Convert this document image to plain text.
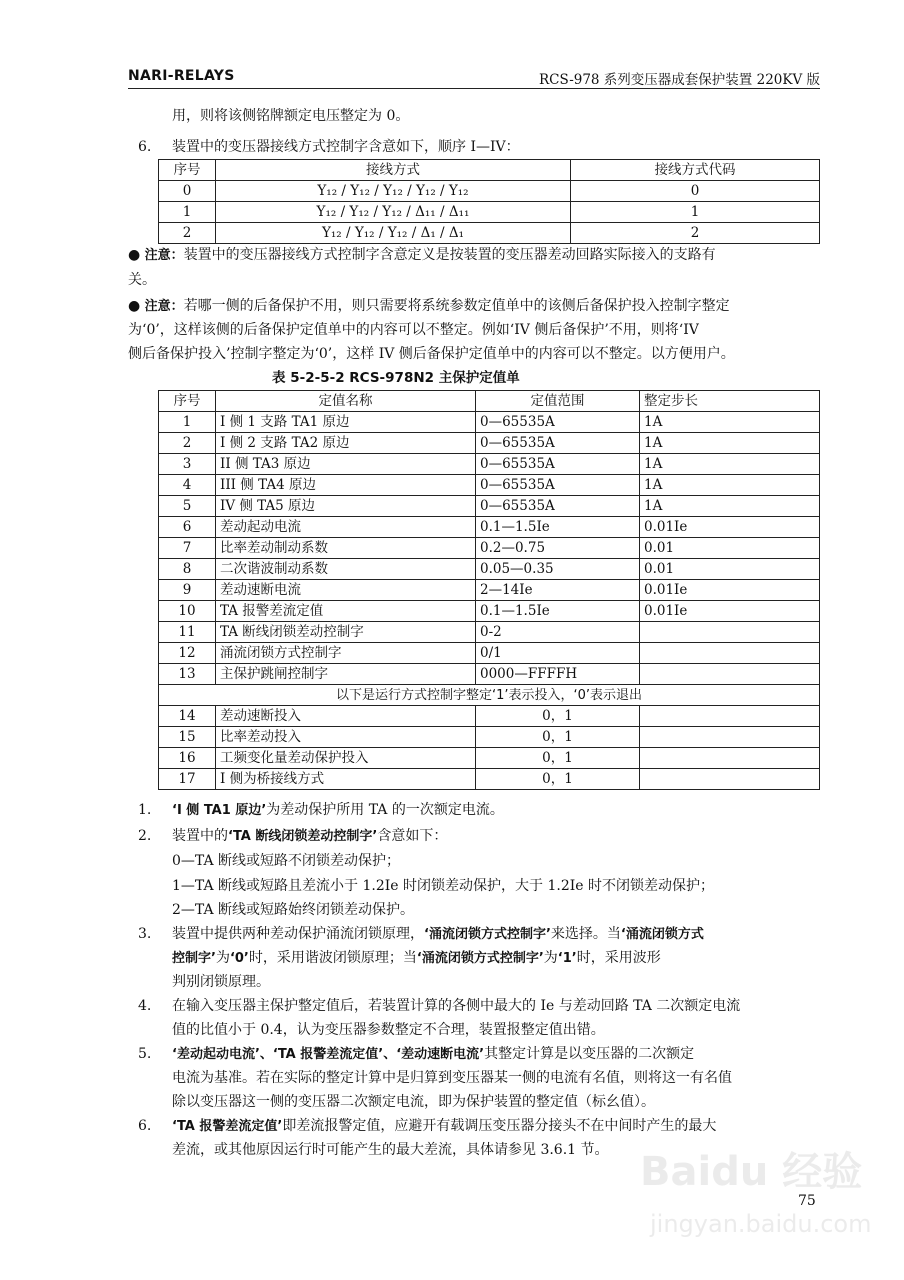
NARI-RELAYS	RCS-978 系列变压器成套保护装置 220KV 版
用，则将该侧铭牌额定电压整定为 0。
6. 装置中的变压器接线方式控制字含意如下，顺序 I—IV：
序号	接线方式	接线方式代码
0	Y₁₂ / Y₁₂ / Y₁₂ / Y₁₂ / Y₁₂	0
1	Y₁₂ / Y₁₂ / Y₁₂ / Δ₁₁ / Δ₁₁	1
2	Y₁₂ / Y₁₂ / Y₁₂ / Δ₁ / Δ₁	2
● 注意：装置中的变压器接线方式控制字含意定义是按装置的变压器差动回路实际接入的支路有
关。
● 注意：若哪一侧的后备保护不用，则只需要将系统参数定值单中的该侧后备保护投入控制字整定
为‘0’，这样该侧的后备保护定值单中的内容可以不整定。例如‘IV 侧后备保护’不用，则将‘IV
侧后备保护投入’控制字整定为‘0’，这样 IV 侧后备保护定值单中的内容可以不整定。以方便用户。
表 5-2-5-2 RCS-978N2 主保护定值单
序号	定值名称	定值范围	整定步长
1	I 侧 1 支路 TA1 原边	0—65535A	1A
2	I 侧 2 支路 TA2 原边	0—65535A	1A
3	II 侧 TA3 原边	0—65535A	1A
4	III 侧 TA4 原边	0—65535A	1A
5	IV 侧 TA5 原边	0—65535A	1A
6	差动起动电流	0.1—1.5Ie	0.01Ie
7	比率差动制动系数	0.2—0.75	0.01
8	二次谐波制动系数	0.05—0.35	0.01
9	差动速断电流	2—14Ie	0.01Ie
10	TA 报警差流定值	0.1—1.5Ie	0.01Ie
11	TA 断线闭锁差动控制字	0-2	
12	涌流闭锁方式控制字	0/1	
13	主保护跳闸控制字	0000—FFFFH	
以下是运行方式控制字整定‘1’表示投入，‘0’表示退出			
14	差动速断投入	0，1	
15	比率差动投入	0，1	
16	工频变化量差动保护投入	0，1	
17	I 侧为桥接线方式	0，1	
1. ‘I 侧 TA1 原边’为差动保护所用 TA 的一次额定电流。
2. 装置中的‘TA 断线闭锁差动控制字’含意如下：
0—TA 断线或短路不闭锁差动保护；
1—TA 断线或短路且差流小于 1.2Ie 时闭锁差动保护，大于 1.2Ie 时不闭锁差动保护；
2—TA 断线或短路始终闭锁差动保护。
3. 装置中提供两种差动保护涌流闭锁原理，‘涌流闭锁方式控制字’来选择。当‘涌流闭锁方式
控制字’为‘0’时，采用谐波闭锁原理；当‘涌流闭锁方式控制字’为‘1’时，采用波形
判别闭锁原理。
4. 在输入变压器主保护整定值后，若装置计算的各侧中最大的 Ie 与差动回路 TA 二次额定电流
值的比值小于 0.4，认为变压器参数整定不合理，装置报整定值出错。
5. ‘差动起动电流’、‘TA 报警差流定值’、‘差动速断电流’其整定计算是以变压器的二次额定
电流为基准。若在实际的整定计算中是归算到变压器某一侧的电流有名值，则将这一有名值
除以变压器这一侧的变压器二次额定电流，即为保护装置的整定值（标幺值）。
6. ‘TA 报警差流定值’即差流报警定值，应避开有载调压变压器分接头不在中间时产生的最大
差流，或其他原因运行时可能产生的最大差流，具体请参见 3.6.1 节。 Baidu 经验
jingyan.baidu.com
75
